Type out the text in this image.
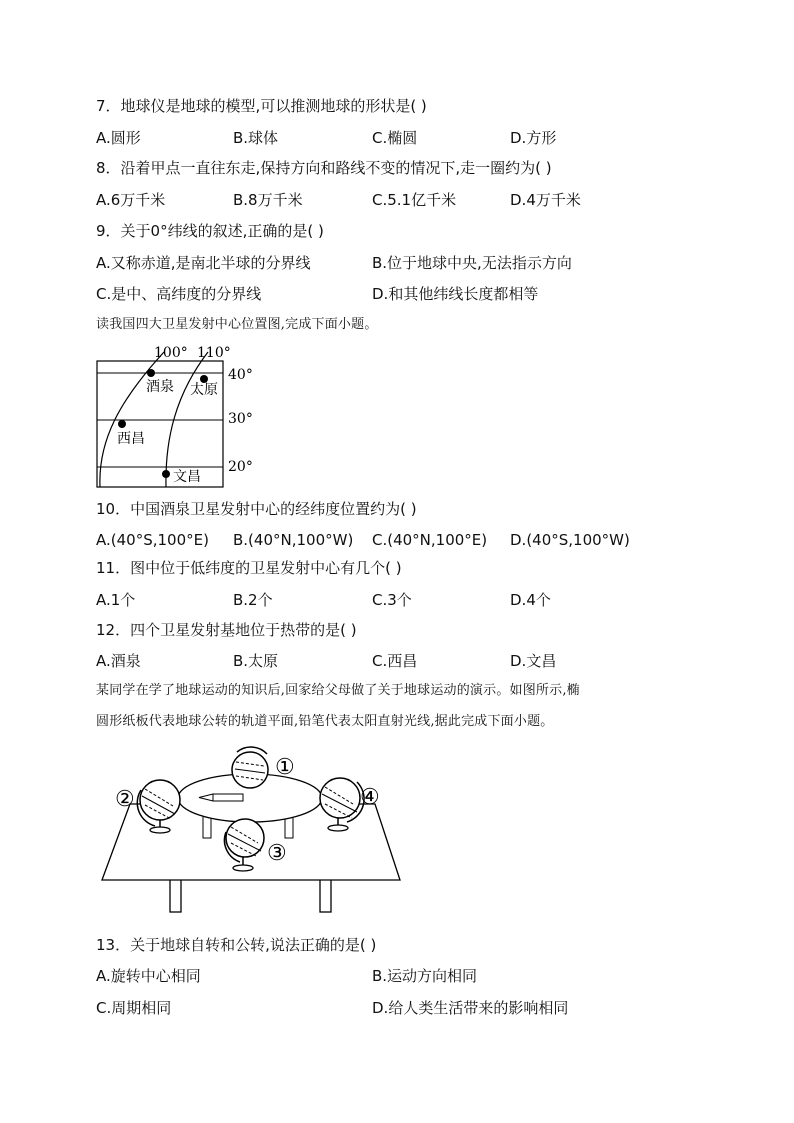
7．地球仪是地球的模型,可以推测地球的形状是( )
A.圆形	B.球体	C.椭圆	D.方形
8．沿着甲点一直往东走,保持方向和路线不变的情况下,走一圈约为( )
A.6万千米	B.8万千米	C.5.1亿千米	D.4万千米
9．关于0°纬线的叙述,正确的是( )
A.又称赤道,是南北半球的分界线	B.位于地球中央,无法指示方向
C.是中、高纬度的分界线	D.和其他纬线长度都相等
读我国四大卫星发射中心位置图,完成下面小题。
100° 110°
40°
30°
20°
酒泉 太原
西昌
文昌
10．中国酒泉卫星发射中心的经纬度位置约为( )
A.(40°S,100°E) B.(40°N,100°W) C.(40°N,100°E) D.(40°S,100°W)
11．图中位于低纬度的卫星发射中心有几个( )
A.1个	B.2个	C.3个	D.4个
12．四个卫星发射基地位于热带的是( )
A.酒泉	B.太原	C.西昌	D.文昌
某同学在学了地球运动的知识后,回家给父母做了关于地球运动的演示。如图所示,椭
圆形纸板代表地球公转的轨道平面,铅笔代表太阳直射光线,据此完成下面小题。
①
②	④
③
13．关于地球自转和公转,说法正确的是( )
A.旋转中心相同	B.运动方向相同
C.周期相同	D.给人类生活带来的影响相同
